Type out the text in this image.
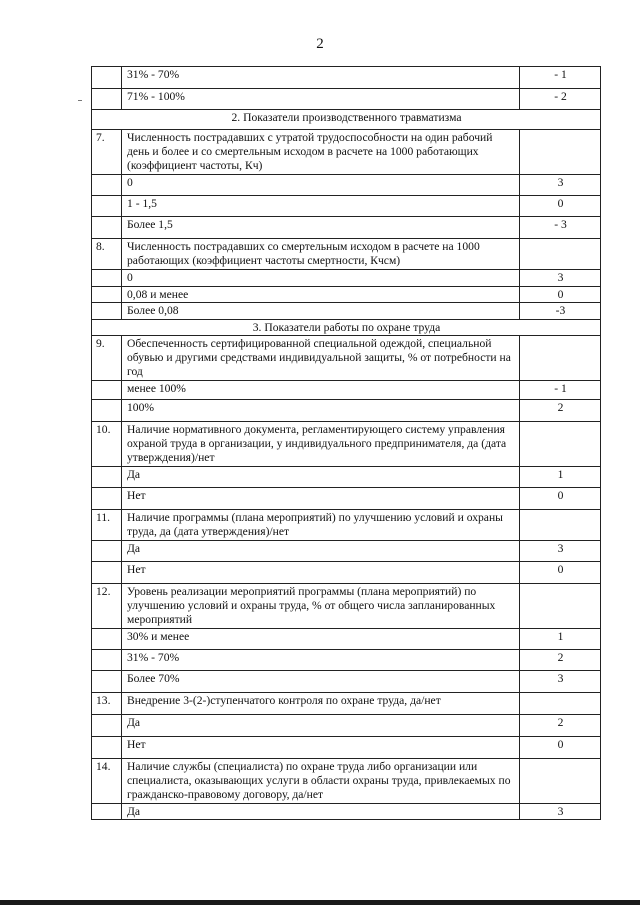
2
	31% - 70%	- 1
	71% - 100%	- 2
2. Показатели производственного травматизма		
7.	Численность пострадавших с утратой трудоспособности на один рабочий день и более и со смертельным исходом в расчете на 1000 работающих (коэффициент частоты, Кч)	
	0	3
	1 - 1,5	0
	Более 1,5	- 3
8.	Численность пострадавших со смертельным исходом в расчете на 1000 работающих (коэффициент частоты смертности, Кчсм)	
	0	3
	0,08 и менее	0
	Более 0,08	-3
3. Показатели работы по охране труда		
9.	Обеспеченность сертифицированной специальной одеждой, специальной обувью и другими средствами индивидуальной защиты, % от потребности на год	
	менее 100%	- 1
	100%	2
10.	Наличие нормативного документа, регламентирующего систему управления охраной труда в организации, у индивидуального предпринимателя, да (дата утверждения)/нет	
	Да	1
	Нет	0
11.	Наличие программы (плана мероприятий) по улучшению условий и охраны труда, да (дата утверждения)/нет	
	Да	3
	Нет	0
12.	Уровень реализации мероприятий программы (плана мероприятий) по улучшению условий и охраны труда, % от общего числа запланированных мероприятий	
	30% и менее	1
	31% - 70%	2
	Более 70%	3
13.	Внедрение 3-(2-)ступенчатого контроля по охране труда, да/нет	
	Да	2
	Нет	0
14.	Наличие службы (специалиста) по охране труда либо организации или специалиста, оказывающих услуги в области охраны труда, привлекаемых по гражданско-правовому договору, да/нет	
	Да	3
